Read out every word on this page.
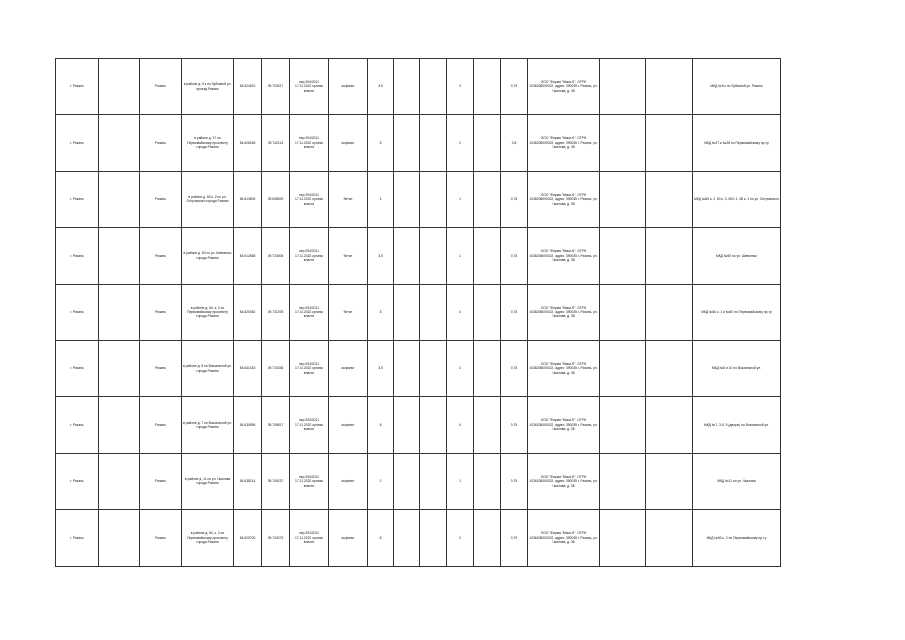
г. Рязань		Рязань	в районе д. 5 к по Зубковой ул. проезд Рязань	54.624510	39.703017	пер.294/2011 17.11.2022 органы власти	асфальт	3,5			3		0,75	ООО "Фирма "Мика-Н", ОГРН 1036208000022, адрес: 390035 г. Рязань, ул. Чкалова, д. 38			МКД №5 к по Зубковой ул. Рязань
г. Рязань		Рязань	в районе д. 27 по Первомайскому проспекту города Рязани	54.628248	39.742114	пер.294/2011 17.11.2022 органы власти	асфальт	6			2		0,8	ООО "Фирма "Мика-Н", ОГРН 1036208000022, адрес: 390035 г. Рязань, ул. Чкалова, д. 38			МКД №27 и №28 по Первомайскому пр-ту
г. Рязань		Рязань	в районе д. 60 к. 2 по ул. Островского города Рязани	54.613605	39.698529	пер.294/2011 17.11.2022 органы власти	бетон	4			1		0,75	ООО "Фирма "Мика-Н", ОГРН 1036208000022, адрес: 390035 г. Рязань, ул. Чкалова, д. 38			МКД №60 к. 2, 60 к. 3, 60/1 1, 58 к. 1 по ул. Островского
г. Рязань		Рязань	в районе д. 50 по ул. Шевченко города Рязани	54.612658	39.723406	пер.294/2011 17.11.2022 органы власти	бетон	3,5			1		0,75	ООО "Фирма "Мика-Н", ОГРН 1036208000022, адрес: 390035 г. Рязань, ул. Чкалова, д. 38			МКД №50 по ул. Шевченко
г. Рязань		Рязань	в районе д. 60, к. 2 по Первомайскому проспекту города Рязани	54.620082	39.731293	пер.294/2011 17.11.2022 органы власти	бетон	8			4		0,75	ООО "Фирма "Мика-Н", ОГРН 1036208000022, адрес: 390035 г. Рязань, ул. Чкалова, д. 38			МКД №60 к. 1 и №60 по Первомайскому пр-ту
г. Рязань		Рязань	в районе д. 8 по Вокзальной ул. города Рязани	54.631433	39.710336	пер.294/2011 17.11.2022 органы власти	асфальт	3,5			2		0,75	ООО "Фирма "Мика-Н", ОГРН 1036208000022, адрес: 390035 г. Рязань, ул. Чкалова, д. 38			МКД №8 и 10 по Вокзальной ул.
г. Рязань		Рязань	в районе д. 7 по Вокзальной ул. города Рязани	54.630895	39.708817	пер.294/2011 17.11.2022 органы власти	асфальт	8			4		0,75	ООО "Фирма "Мика-Н", ОГРН 1036208000022, адрес: 390035 г. Рязань, ул. Чкалова, д. 38			МКД №7, 3-5, 9 (дворы) по Вокзальной ул.
г. Рязань		Рязань	в районе д. 11 по ул. Чкалова города Рязани	54.638214	39.706237	пер.294/2011 17.11.2022 органы власти	асфальт	2			1		0,75	ООО "Фирма "Мика-Н", ОГРН 1036208000022, адрес: 390035 г. Рязань, ул. Чкалова, д. 38			МКД №11 по ул. Чкалова
г. Рязань		Рязань	в районе д. 60, к. 2 по Первомайскому проспекту города Рязани	54.620700	39.743275	пер.294/2011 17.11.2022 органы власти	асфальт	8			2		0,75	ООО "Фирма "Мика-Н", ОГРН 1036208000022, адрес: 390035 г. Рязань, ул. Чкалова, д. 38			МКД №60 к. 2 по Первомайскому пр-ту
